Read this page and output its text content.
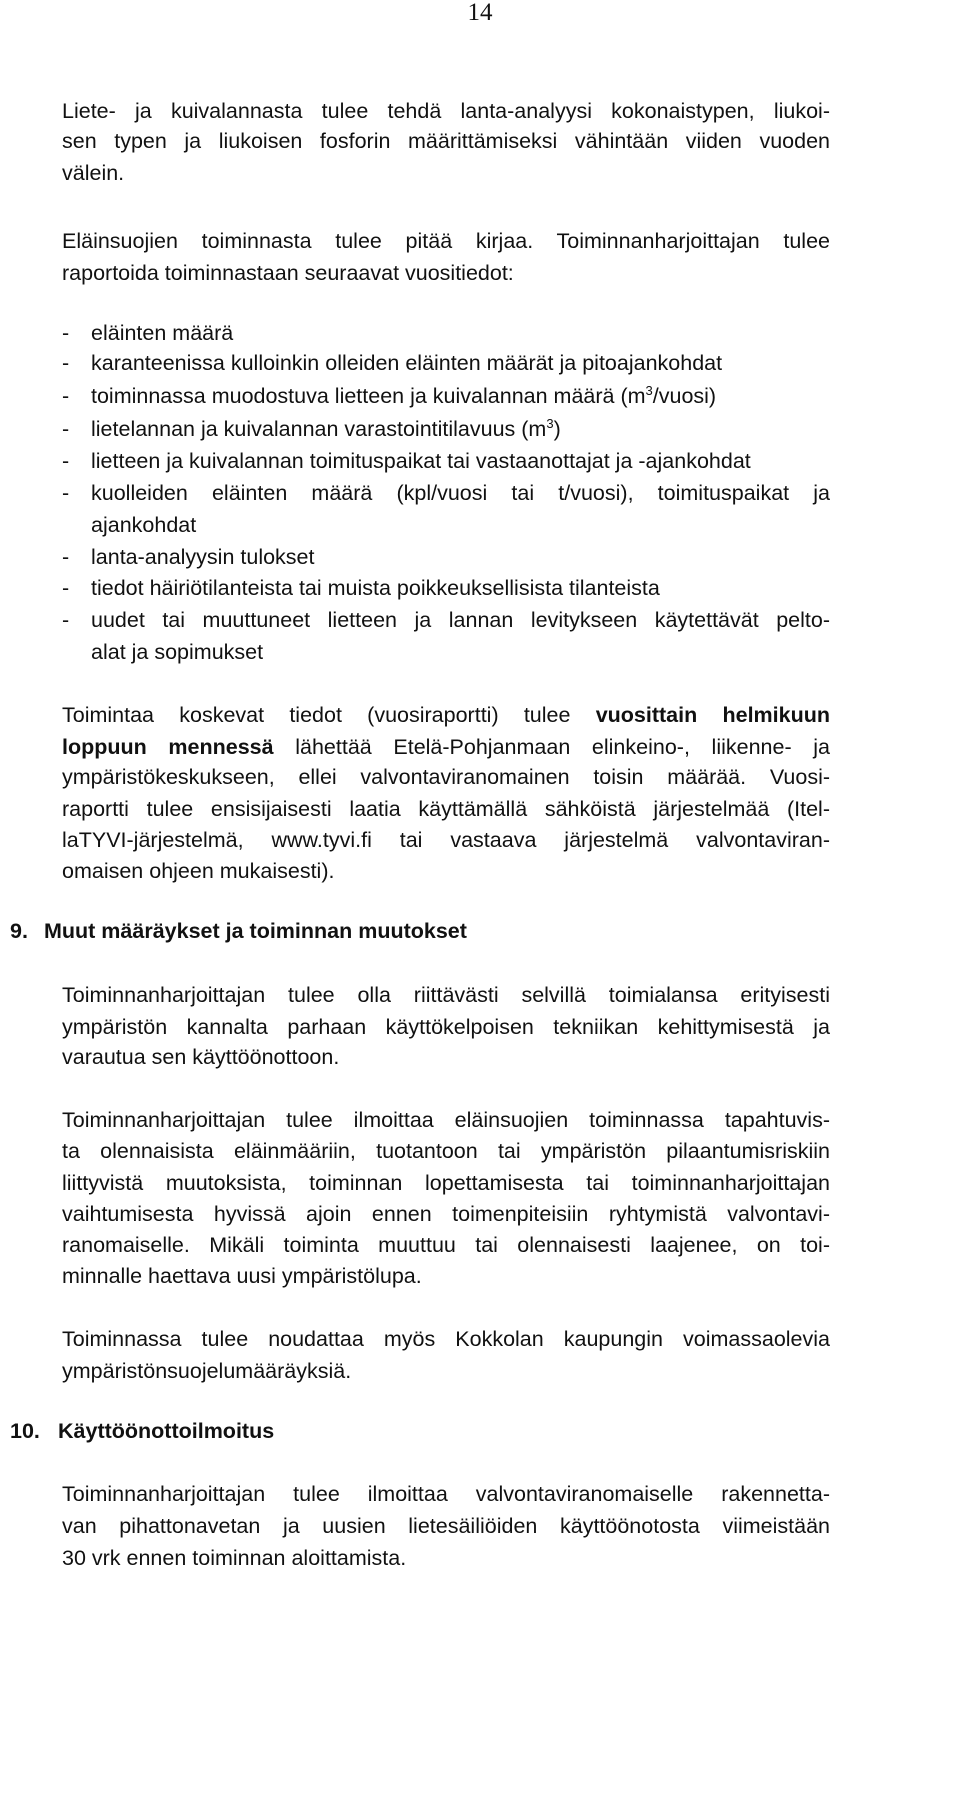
14
Liete- ja kuivalannasta tulee tehdä lanta-analyysi kokonaistypen, liukoi-
sen typen ja liukoisen fosforin määrittämiseksi vähintään viiden vuoden
välein.
Eläinsuojien toiminnasta tulee pitää kirjaa. Toiminnanharjoittajan tulee
raportoida toiminnastaan seuraavat vuositiedot:
- eläinten määrä
- karanteenissa kulloinkin olleiden eläinten määrät ja pitoajankohdat
- toiminnassa muodostuva lietteen ja kuivalannan määrä $(m^3/vuosi)$
- lietelannan ja kuivalannan varastointitilavuus $(m^3)$
- lietteen ja kuivalannan toimituspaikat tai vastaanottajat ja -ajankohdat
- kuolleiden eläinten määrä (kpl/vuosi tai t/vuosi), toimituspaikat ja
ajankohdat
- lanta-analyysin tulokset
- tiedot häiriötilanteista tai muista poikkeuksellisista tilanteista
- uudet tai muuttuneet lietteen ja lannan levitykseen käytettävät pelto-
alat ja sopimukset
Toimintaa koskevat tiedot (vuosiraportti) tulee vuosittain helmikuun
loppuun mennessä lähettää Etelä-Pohjanmaan elinkeino-, liikenne- ja
ympäristökeskukseen, ellei valvontaviranomainen toisin määrää. Vuosi-
raportti tulee ensisijaisesti laatia käyttämällä sähköistä järjestelmää (Itel-
laTYVI-järjestelmä, www.tyvi.fi tai vastaava järjestelmä valvontaviran-
omaisen ohjeen mukaisesti).
9. Muut määräykset ja toiminnan muutokset
Toiminnanharjoittajan tulee olla riittävästi selvillä toimialansa erityisesti
ympäristön kannalta parhaan käyttökelpoisen tekniikan kehittymisestä ja
varautua sen käyttöönottoon.
Toiminnanharjoittajan tulee ilmoittaa eläinsuojien toiminnassa tapahtuvis-
ta olennaisista eläinmääriin, tuotantoon tai ympäristön pilaantumisriskiin
liittyvistä muutoksista, toiminnan lopettamisesta tai toiminnanharjoittajan
vaihtumisesta hyvissä ajoin ennen toimenpiteisiin ryhtymistä valvontavi-
ranomaiselle. Mikäli toiminta muuttuu tai olennaisesti laajenee, on toi-
minnalle haettava uusi ympäristölupa.
Toiminnassa tulee noudattaa myös Kokkolan kaupungin voimassaolevia
ympäristönsuojelumääräyksiä.
10. Käyttöönottoilmoitus
Toiminnanharjoittajan tulee ilmoittaa valvontaviranomaiselle rakennetta-
van pihattonavetan ja uusien lietesäiliöiden käyttöönotosta viimeistään
30 vrk ennen toiminnan aloittamista.
